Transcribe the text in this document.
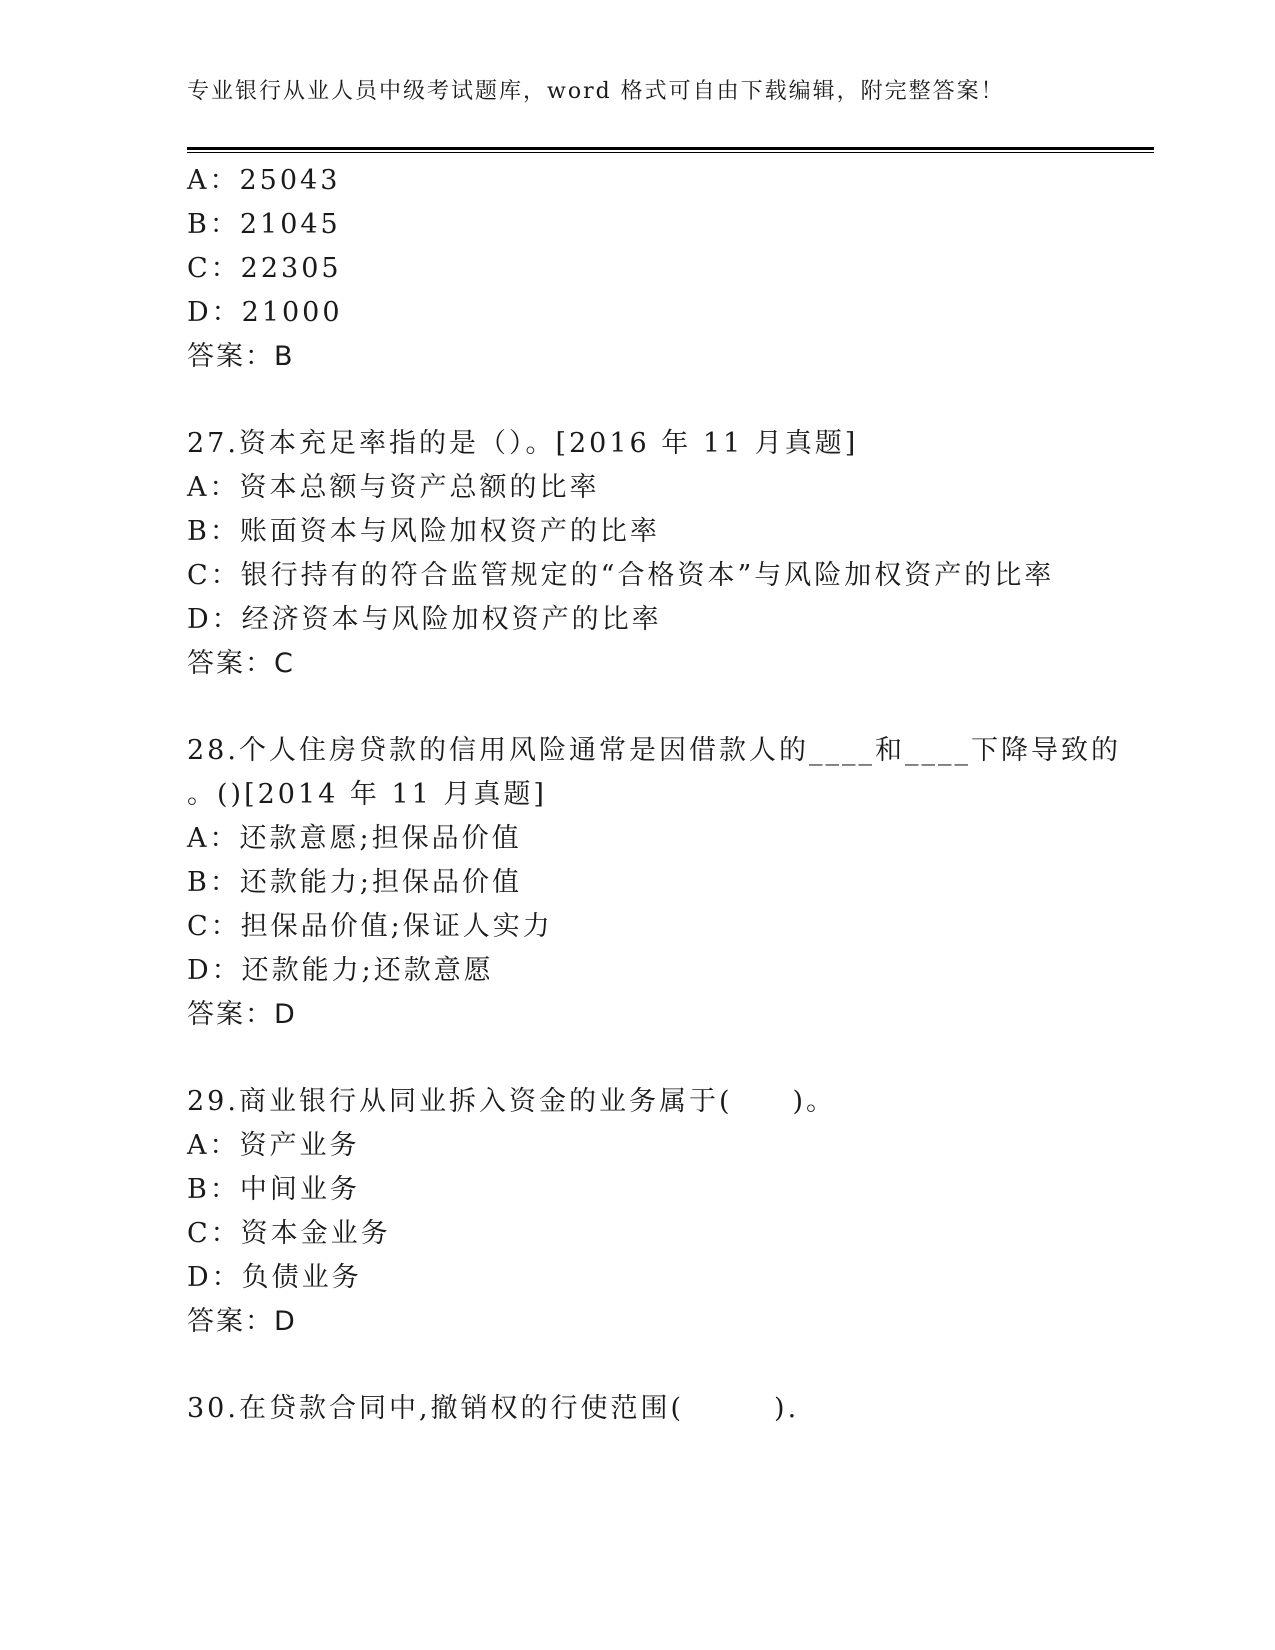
专业银行从业人员中级考试题库，word 格式可自由下载编辑，附完整答案！
A：25043
B：21045
C：22305
D：21000
答案：B
27.资本充足率指的是（）。[2016 年 11 月真题]
A：资本总额与资产总额的比率
B：账面资本与风险加权资产的比率
C：银行持有的符合监管规定的“合格资本”与风险加权资产的比率
D：经济资本与风险加权资产的比率
答案：C
28.个人住房贷款的信用风险通常是因借款人的____和____下降导致的
。()[2014 年 11 月真题]
A：还款意愿;担保品价值
B：还款能力;担保品价值
C：担保品价值;保证人实力
D：还款能力;还款意愿
答案：D
29.商业银行从同业拆入资金的业务属于(　　)。
A：资产业务
B：中间业务
C：资本金业务
D：负债业务
答案：D
30.在贷款合同中,撤销权的行使范围(　　　).
